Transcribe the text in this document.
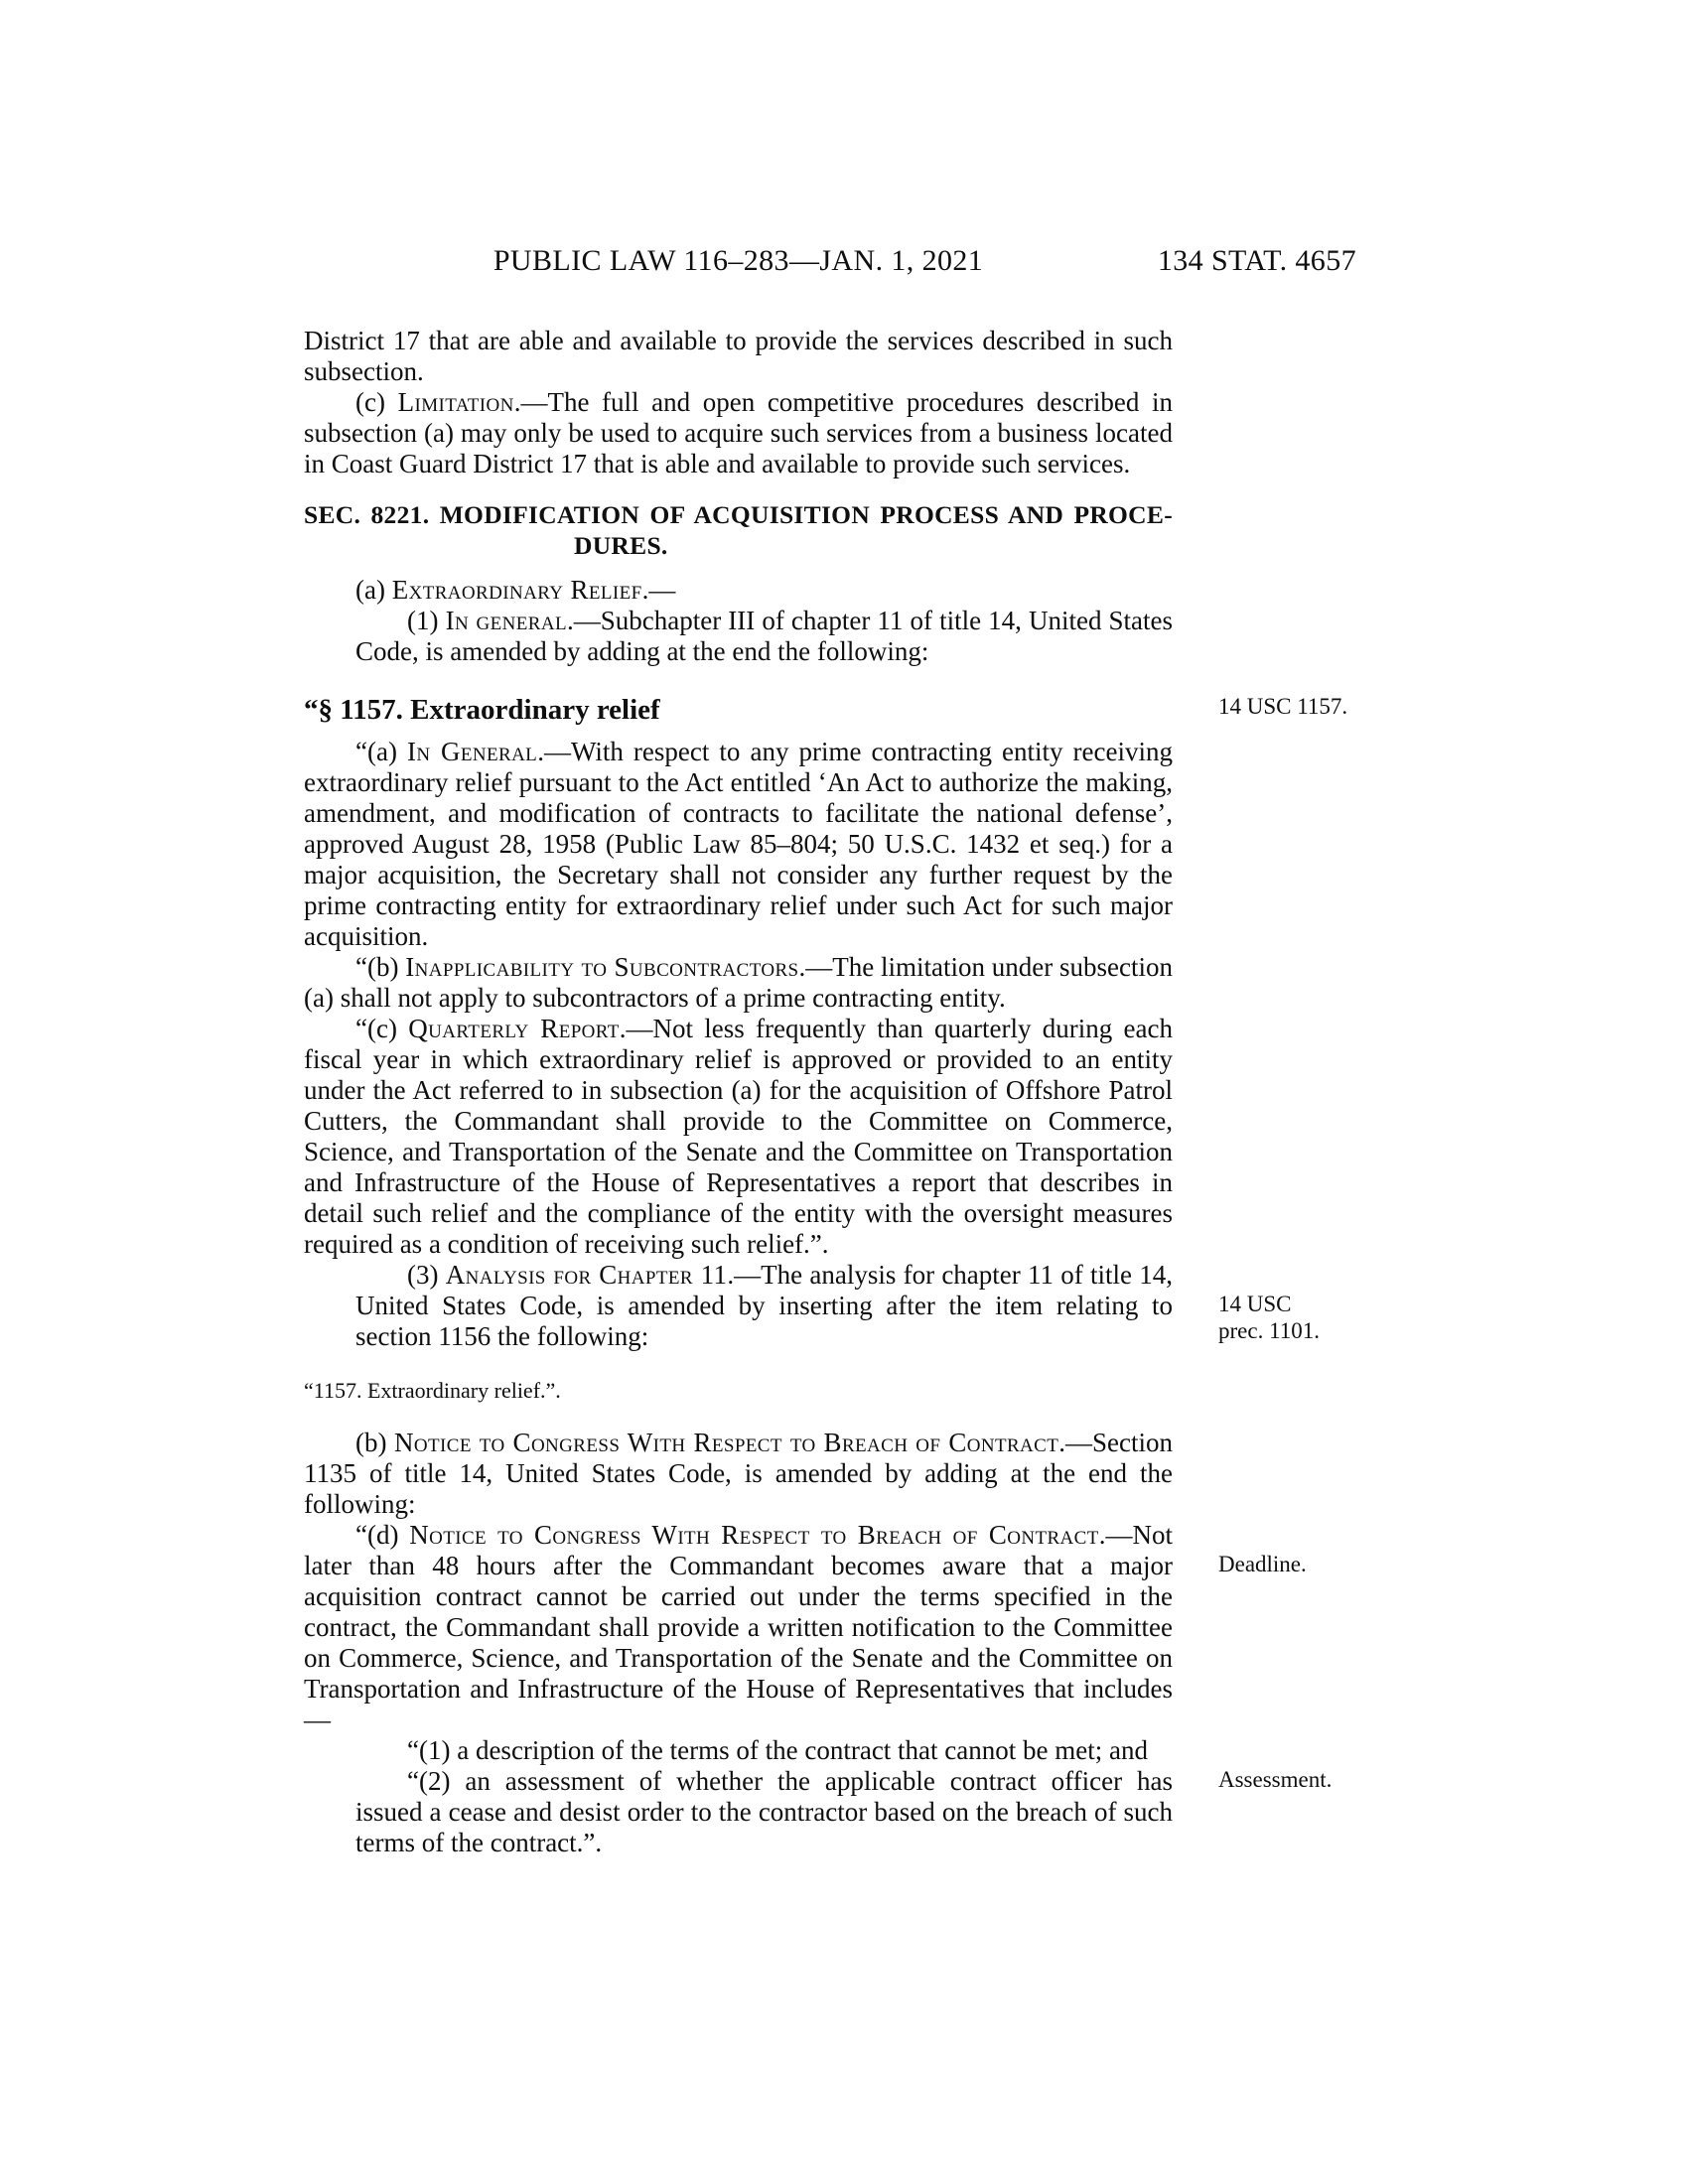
PUBLIC LAW 116–283—JAN. 1, 2021	134 STAT. 4657
District 17 that are able and available to provide the services described in such subsection.
(c) Limitation.—The full and open competitive procedures described in subsection (a) may only be used to acquire such services from a business located in Coast Guard District 17 that is able and available to provide such services.
SEC. 8221. MODIFICATION OF ACQUISITION PROCESS AND PROCE-
DURES.
(a) Extraordinary Relief.—
(1) In general.—Subchapter III of chapter 11 of title 14, United States Code, is amended by adding at the end the following:
“§ 1157. Extraordinary relief	14 USC 1157.
“(a) In General.—With respect to any prime contracting entity receiving extraordinary relief pursuant to the Act entitled ‘An Act to authorize the making, amendment, and modification of contracts to facilitate the national defense’, approved August 28, 1958 (Public Law 85–804; 50 U.S.C. 1432 et seq.) for a major acquisition, the Secretary shall not consider any further request by the prime contracting entity for extraordinary relief under such Act for such major acquisition.
“(b) Inapplicability to Subcontractors.—The limitation under subsection (a) shall not apply to subcontractors of a prime contracting entity.
“(c) Quarterly Report.—Not less frequently than quarterly during each fiscal year in which extraordinary relief is approved or provided to an entity under the Act referred to in subsection (a) for the acquisition of Offshore Patrol Cutters, the Commandant shall provide to the Committee on Commerce, Science, and Transportation of the Senate and the Committee on Transportation and Infrastructure of the House of Representatives a report that describes in detail such relief and the compliance of the entity with the oversight measures required as a condition of receiving such relief.”.
(3) Analysis for Chapter 11.—The analysis for chapter 11 of title 14, United States Code, is amended by inserting after the item relating to section 1156 the following:
14 USC
prec. 1101.
“1157. Extraordinary relief.”.
(b) Notice to Congress With Respect to Breach of Contract.—Section 1135 of title 14, United States Code, is amended by adding at the end the following:
“(d) Notice to Congress With Respect to Breach of Contract.—Not later than 48 hours after the Commandant becomes aware that a major acquisition contract cannot be carried out under the terms specified in the contract, the Commandant shall provide a written notification to the Committee on Commerce, Science, and Transportation of the Senate and the Committee on Transportation and Infrastructure of the House of Representatives that includes—
Deadline.
“(1) a description of the terms of the contract that cannot be met; and
“(2) an assessment of whether the applicable contract officer has issued a cease and desist order to the contractor based on the breach of such terms of the contract.”.
Assessment.
